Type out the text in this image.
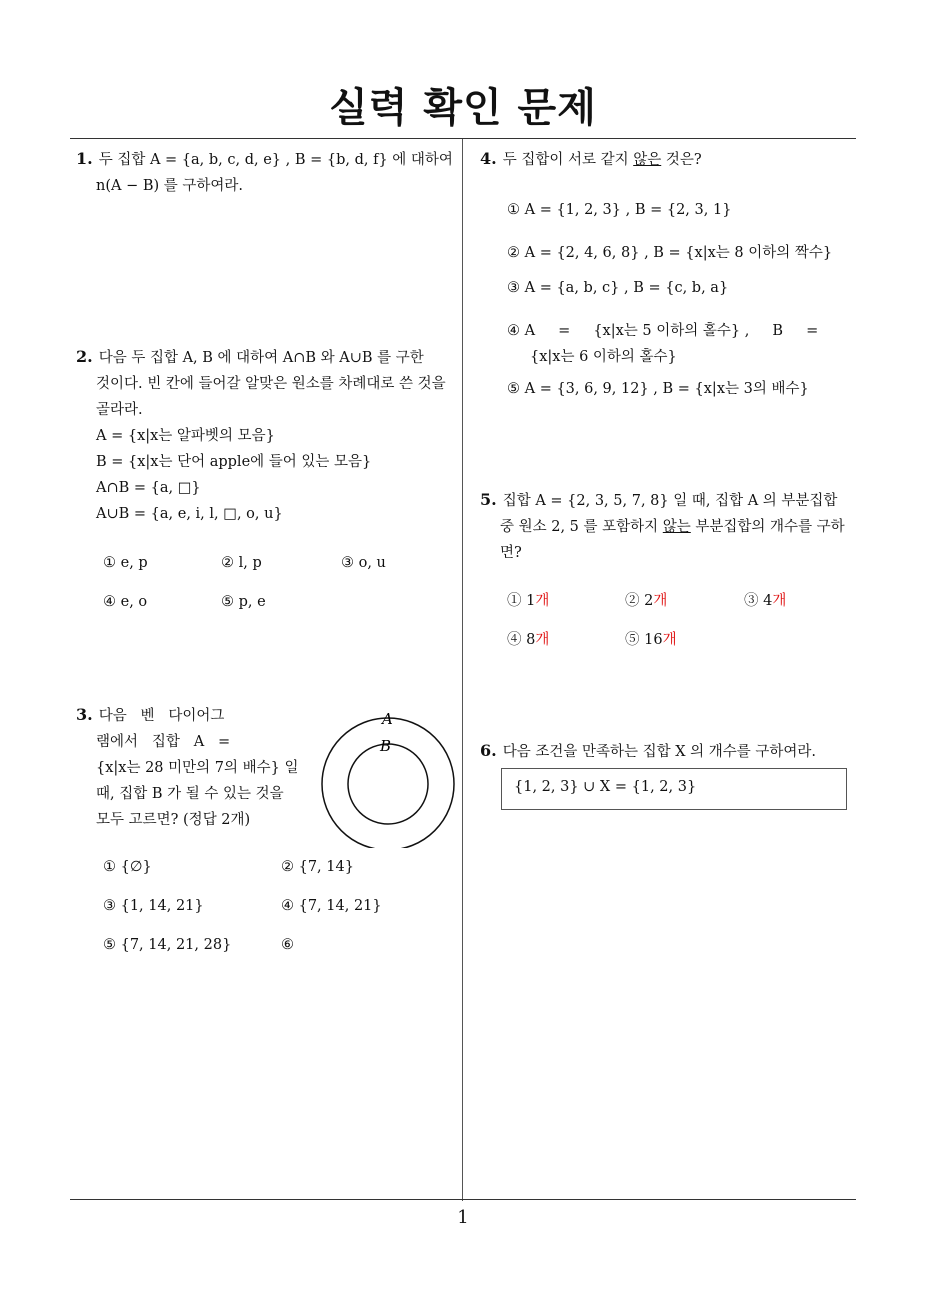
실력 확인 문제
1
1. 두 집합 A = {a, b, c, d, e} , B = {b, d, f} 에 대하여
n(A − B) 를 구하여라.
2. 다음 두 집합 A, B 에 대하여 A∩B 와 A∪B 를 구한
것이다. 빈 칸에 들어갈 알맞은 원소를 차례대로 쓴 것을
골라라.
A = {x|x는 알파벳의 모음}
B = {x|x는 단어 apple에 들어 있는 모음}
A∩B = {a, □}
A∪B = {a, e, i, l, □, o, u}
① e, p	② l, p	③ o, u
④ e, o	⑤ p, e
3. 다음   벤   다이어그
램에서   집합   A   =
{x|x는 28 미만의 7의 배수} 일
때, 집합 B 가 될 수 있는 것을
모두 고르면? (정답 2개)
A
B
① {∅}	② {7, 14}
③ {1, 14, 21}	④ {7, 14, 21}
⑤ {7, 14, 21, 28}	⑥
4. 두 집합이 서로 같지 않은 것은?
① A = {1, 2, 3} , B = {2, 3, 1}
② A = {2, 4, 6, 8} , B = {x|x는 8 이하의 짝수}
③ A = {a, b, c} , B = {c, b, a}
④ A     =     {x|x는 5 이하의 홀수} ,     B     =
{x|x는 6 이하의 홀수}
⑤ A = {3, 6, 9, 12} , B = {x|x는 3의 배수}
5. 집합 A = {2, 3, 5, 7, 8} 일 때, 집합 A 의 부분집합
중 원소 2, 5 를 포함하지 않는 부분집합의 개수를 구하
면?
① 1개	② 2개	③ 4개
④ 8개	⑤ 16개
6. 다음 조건을 만족하는 집합 X 의 개수를 구하여라.
{1, 2, 3} ∪ X = {1, 2, 3}
